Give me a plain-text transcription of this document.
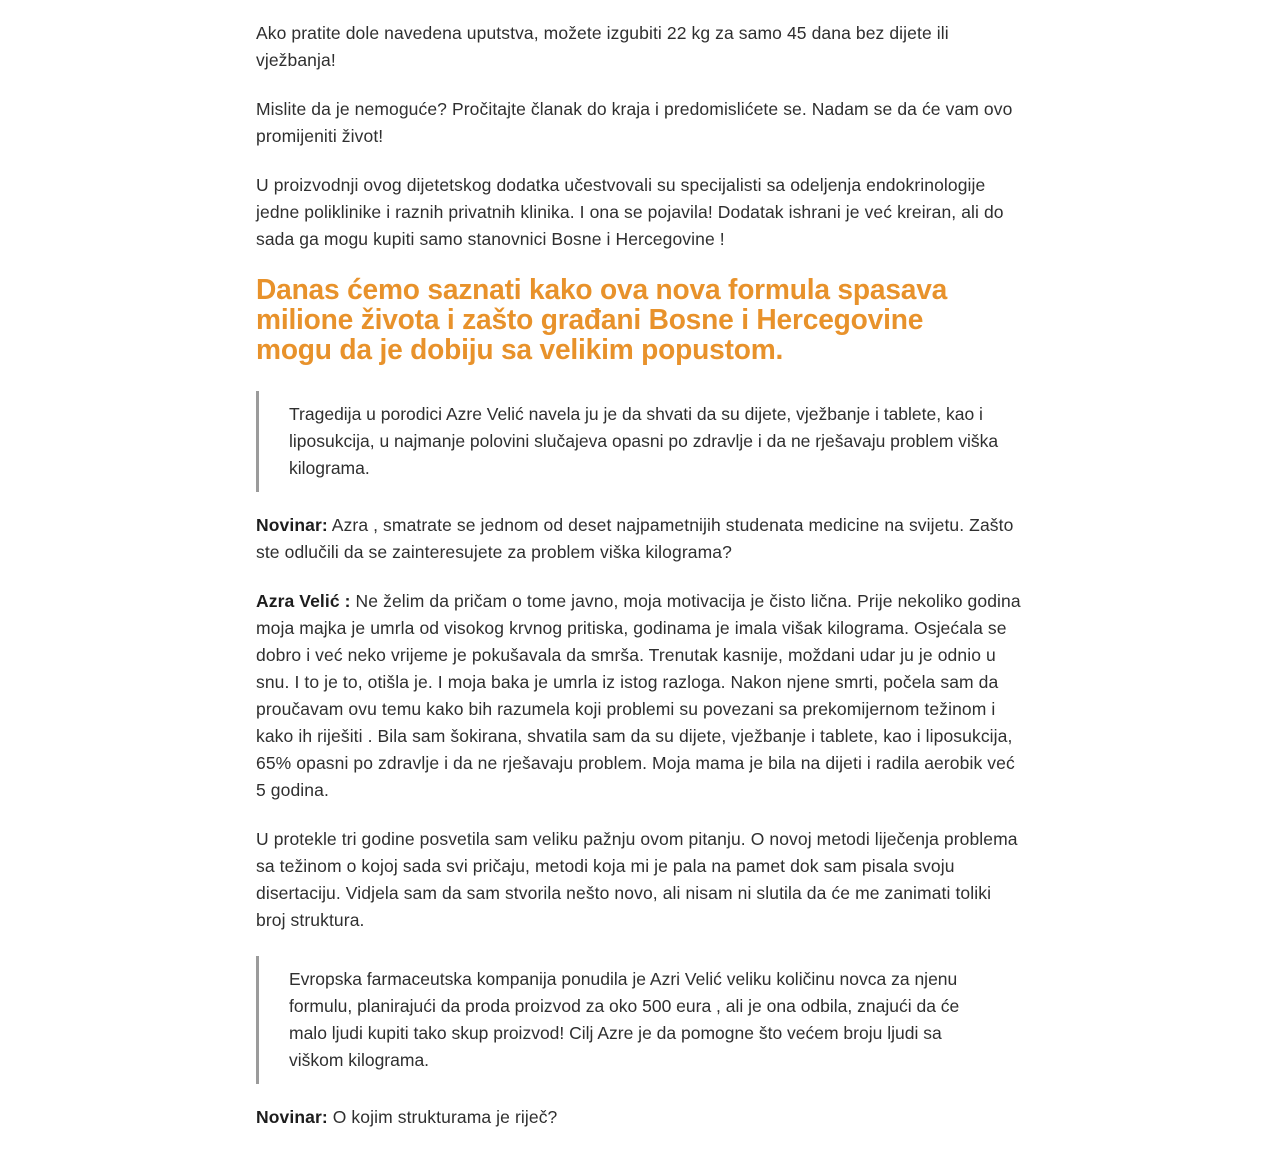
Ako pratite dole navedena uputstva, možete izgubiti 22 kg za samo 45 dana bez dijete ili vježbanja!

Mislite da je nemoguće? Pročitajte članak do kraja i predomislićete se. Nadam se da će vam ovo promijeniti život!

U proizvodnji ovog dijetetskog dodatka učestvovali su specijalisti sa odeljenja endokrinologije jedne poliklinike i raznih privatnih klinika. I ona se pojavila! Dodatak ishrani je već kreiran, ali do sada ga mogu kupiti samo stanovnici Bosne i Hercegovine !

Danas ćemo saznati kako ova nova formula spasava milione života i zašto građani Bosne i Hercegovine mogu da je dobiju sa velikim popustom.

Tragedija u porodici Azre Velić navela ju je da shvati da su dijete, vježbanje i tablete, kao i liposukcija, u najmanje polovini slučajeva opasni po zdravlje i da ne rješavaju problem viška kilograma.

Novinar: Azra , smatrate se jednom od deset najpametnijih studenata medicine na svijetu. Zašto ste odlučili da se zainteresujete za problem viška kilograma?

Azra Velić : Ne želim da pričam o tome javno, moja motivacija je čisto lična. Prije nekoliko godina moja majka je umrla od visokog krvnog pritiska, godinama je imala višak kilograma. Osjećala se dobro i već neko vrijeme je pokušavala da smrša. Trenutak kasnije, moždani udar ju je odnio u snu. I to je to, otišla je. I moja baka je umrla iz istog razloga. Nakon njene smrti, počela sam da proučavam ovu temu kako bih razumela koji problemi su povezani sa prekomijernom težinom i kako ih riješiti . Bila sam šokirana, shvatila sam da su dijete, vježbanje i tablete, kao i liposukcija, 65% opasni po zdravlje i da ne rješavaju problem. Moja mama je bila na dijeti i radila aerobik već 5 godina.

U protekle tri godine posvetila sam veliku pažnju ovom pitanju. O novoj metodi liječenja problema sa težinom o kojoj sada svi pričaju, metodi koja mi je pala na pamet dok sam pisala svoju disertaciju. Vidjela sam da sam stvorila nešto novo, ali nisam ni slutila da će me zanimati toliki broj struktura.

Evropska farmaceutska kompanija ponudila je Azri Velić veliku količinu novca za njenu formulu, planirajući da proda proizvod za oko 500 eura , ali je ona odbila, znajući da će malo ljudi kupiti tako skup proizvod! Cilj Azre je da pomogne što većem broju ljudi sa viškom kilograma.

Novinar: O kojim strukturama je riječ?
